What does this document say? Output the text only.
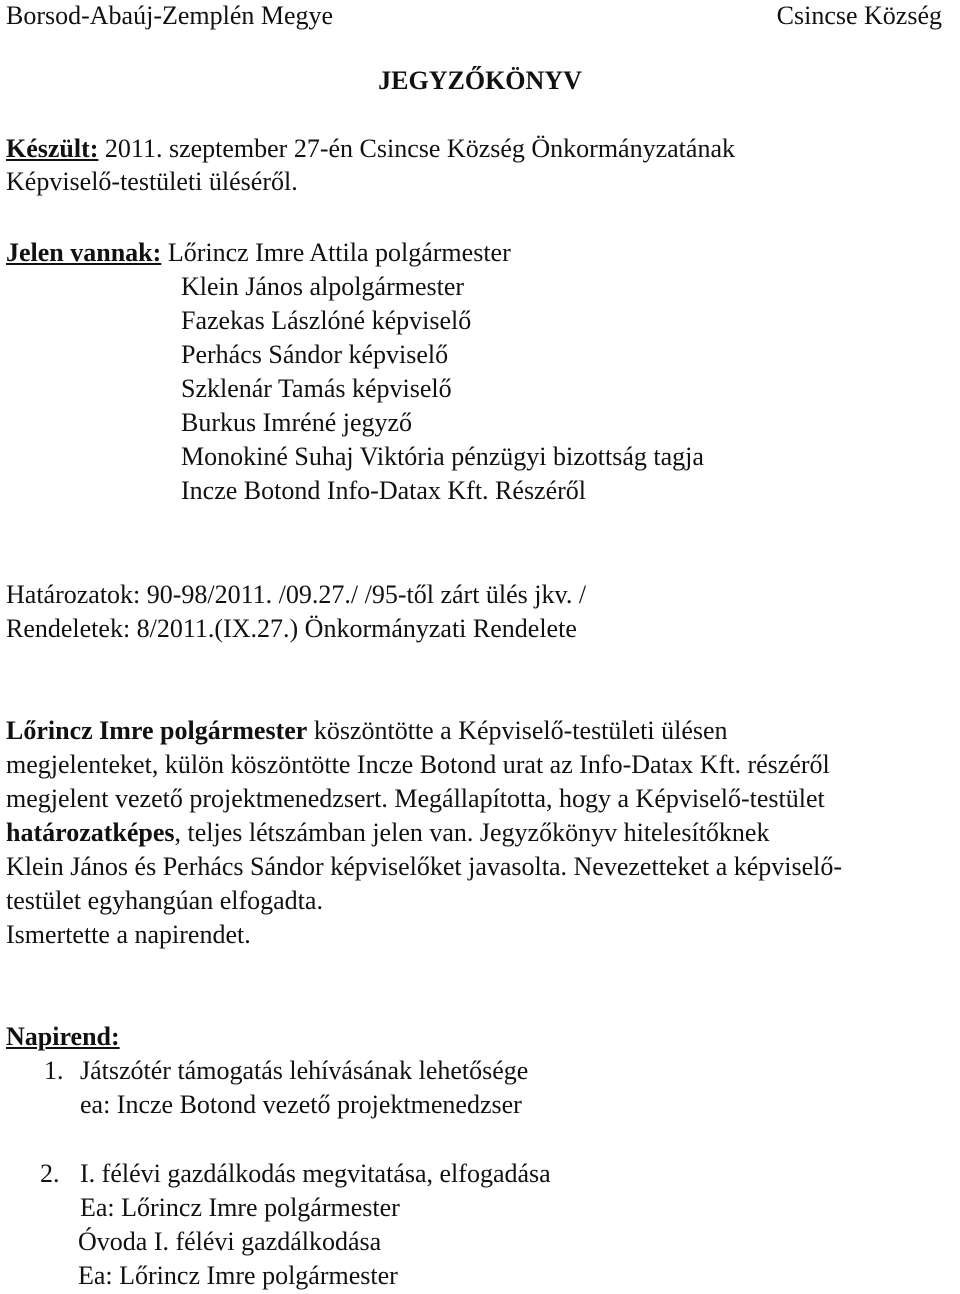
Borsod-Abaúj-Zemplén Megye	Csincse Község
JEGYZŐKÖNYV
Készült: 2011. szeptember 27-én Csincse Község Önkormányzatának
Képviselő-testületi üléséről.
Jelen vannak: Lőrincz Imre Attila polgármester
Klein János alpolgármester
Fazekas Lászlóné képviselő
Perhács Sándor képviselő
Szklenár Tamás képviselő
Burkus Imréné jegyző
Monokiné Suhaj Viktória pénzügyi bizottság tagja
Incze Botond Info-Datax Kft. Részéről
Határozatok: 90-98/2011. /09.27./ /95-től zárt ülés jkv. /
Rendeletek: 8/2011.(IX.27.) Önkormányzati Rendelete
Lőrincz Imre polgármester köszöntötte a Képviselő-testületi ülésen
megjelenteket, külön köszöntötte Incze Botond urat az Info-Datax Kft. részéről
megjelent vezető projektmenedzsert. Megállapította, hogy a Képviselő-testület
határozatképes, teljes létszámban jelen van. Jegyzőkönyv hitelesítőknek
Klein János és Perhács Sándor képviselőket javasolta. Nevezetteket a képviselő-
testület egyhangúan elfogadta.
Ismertette a napirendet.
Napirend:
1. Játszótér támogatás lehívásának lehetősége
ea: Incze Botond vezető projektmenedzser
2. I. félévi gazdálkodás megvitatása, elfogadása
Ea: Lőrincz Imre polgármester
Óvoda I. félévi gazdálkodása
Ea: Lőrincz Imre polgármester
